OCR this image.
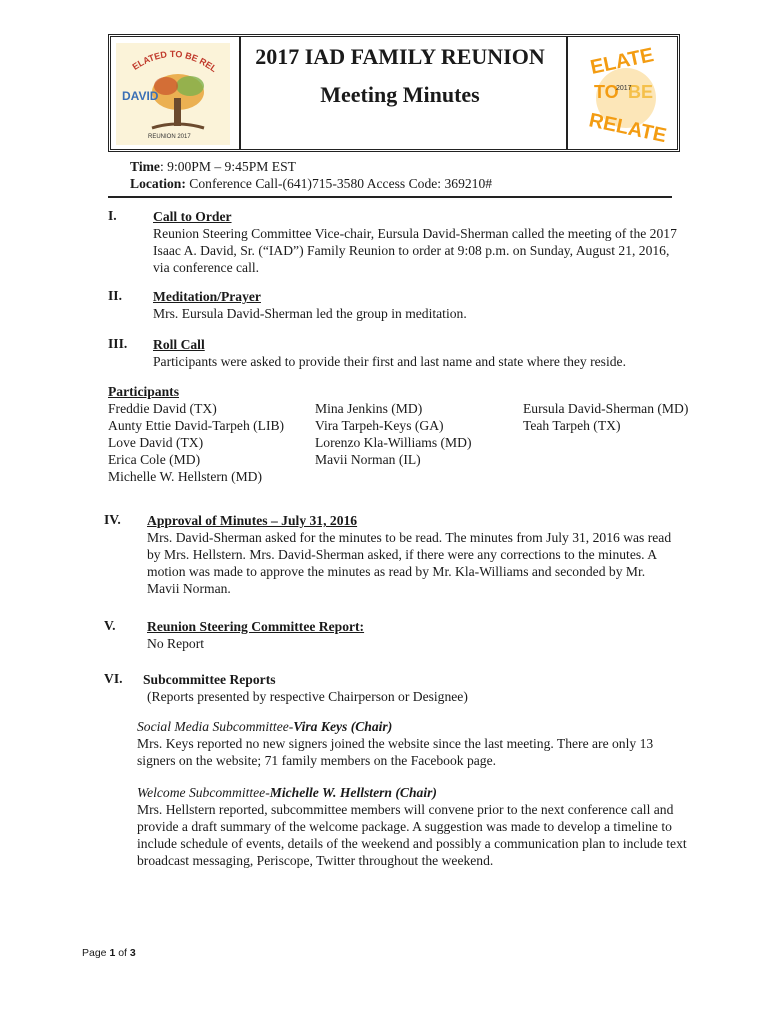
ELATED TO BE REL
DAVID
REUNION 2017
2017 IAD FAMILY REUNION
Meeting Minutes
ELATE
TO BE
RELATE
2017
Time: 9:00PM – 9:45PM EST
Location: Conference Call-(641)715-3580 Access Code: 369210#
I.	Call to Order
Reunion Steering Committee Vice-chair, Eursula David-Sherman called the meeting of the 2017
Isaac A. David, Sr. (“IAD”) Family Reunion to order at 9:08 p.m. on Sunday, August 21, 2016,
via conference call.
II. Meditation/Prayer
Mrs. Eursula David-Sherman led the group in meditation.
III. Roll Call
Participants were asked to provide their first and last name and state where they reside.
Participants
Freddie David (TX)
Aunty Ettie David-Tarpeh (LIB)
Love David (TX)
Erica Cole (MD)
Michelle W. Hellstern (MD)
Mina Jenkins (MD)
Vira Tarpeh-Keys (GA)
Lorenzo Kla-Williams (MD)
Mavii Norman (IL)
Eursula David-Sherman (MD)
Teah Tarpeh (TX)
IV. Approval of Minutes – July 31, 2016
Mrs. David-Sherman asked for the minutes to be read. The minutes from July 31, 2016 was read
by Mrs. Hellstern. Mrs. David-Sherman asked, if there were any corrections to the minutes. A
motion was made to approve the minutes as read by Mr. Kla-Williams and seconded by Mr.
Mavii Norman.
V. Reunion Steering Committee Report:
No Report
VI. Subcommittee Reports
(Reports presented by respective Chairperson or Designee)
Social Media Subcommittee-Vira Keys (Chair)
Mrs. Keys reported no new signers joined the website since the last meeting. There are only 13
signers on the website; 71 family members on the Facebook page.
Welcome Subcommittee-Michelle W. Hellstern (Chair)
Mrs. Hellstern reported, subcommittee members will convene prior to the next conference call and
provide a draft summary of the welcome package. A suggestion was made to develop a timeline to
include schedule of events, details of the weekend and possibly a communication plan to include text
broadcast messaging, Periscope, Twitter throughout the weekend.
Page 1 of 3
